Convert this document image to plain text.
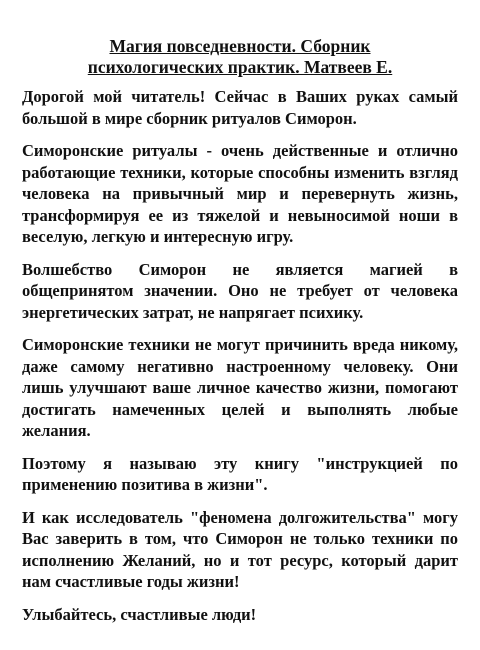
Магия повседневности. Сборник
психологических практик. Матвеев Е.

Дорогой мой читатель! Сейчас в Ваших руках самый большой в мире сборник ритуалов Симорон.

Симоронские ритуалы - очень действенные и отлично работающие техники, которые способны изменить взгляд человека на привычный мир и перевернуть жизнь, трансформируя ее из тяжелой и невыносимой ноши в веселую, легкую и интересную игру.

Волшебство Симорон не является магией в общепринятом значении. Оно не требует от человека энергетических затрат, не напрягает психику.

Симоронские техники не могут причинить вреда никому, даже самому негативно настроенному человеку. Они лишь улучшают ваше личное качество жизни, помогают достигать намеченных целей и выполнять любые желания.

Поэтому я называю эту книгу "инструкцией по применению позитива в жизни".

И как исследователь "феномена долгожительства" могу Вас заверить в том, что Симорон не только техники по исполнению Желаний, но и тот ресурс, который дарит нам счастливые годы жизни!

Улыбайтесь, счастливые люди!
